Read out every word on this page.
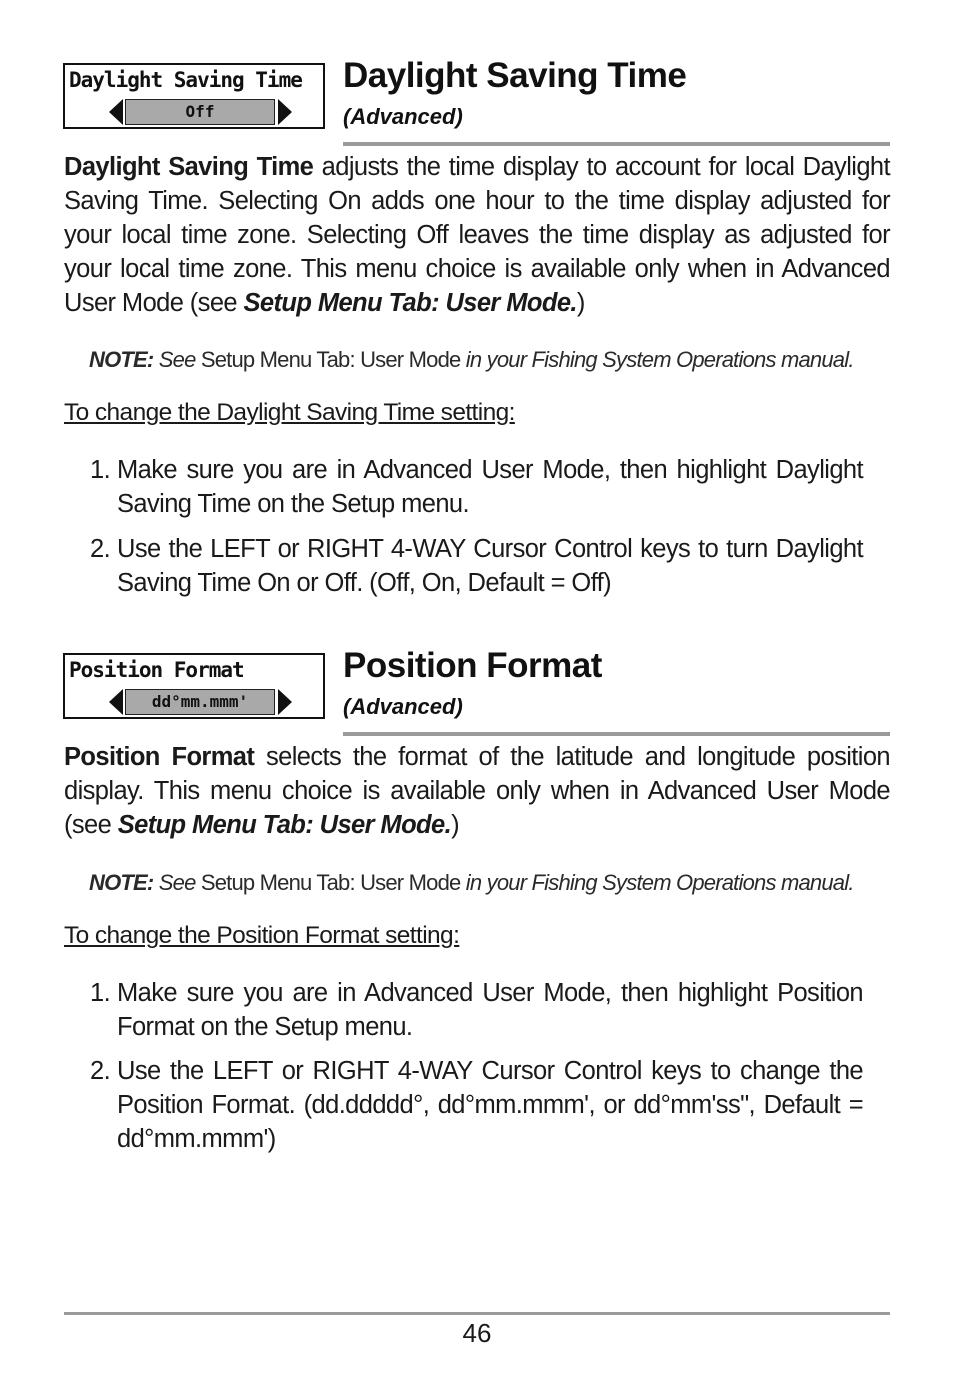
Daylight Saving Time
Off
Daylight Saving Time
(Advanced)
Daylight Saving Time adjusts the time display to account for local Daylight Saving Time. Selecting On adds one hour to the time display adjusted for your local time zone. Selecting Off leaves the time display as adjusted for your local time zone. This menu choice is available only when in Advanced User Mode (see Setup Menu Tab: User Mode.)
NOTE: See Setup Menu Tab: User Mode in your Fishing System Operations manual.
To change the Daylight Saving Time setting:
1. Make sure you are in Advanced User Mode, then highlight Daylight Saving Time on the Setup menu.
2. Use the LEFT or RIGHT 4-WAY Cursor Control keys to turn Daylight Saving Time On or Off. (Off, On, Default = Off)
Position Format
dd°mm.mmm'
Position Format
(Advanced)
Position Format selects the format of the latitude and longitude position display. This menu choice is available only when in Advanced User Mode (see Setup Menu Tab: User Mode.)
NOTE: See Setup Menu Tab: User Mode in your Fishing System Operations manual.
To change the Position Format setting:
1. Make sure you are in Advanced User Mode, then highlight Position Format on the Setup menu.
2. Use the LEFT or RIGHT 4-WAY Cursor Control keys to change the Position Format. (dd.ddddd°, dd°mm.mmm', or dd°mm'ss", Default = dd°mm.mmm')
46
